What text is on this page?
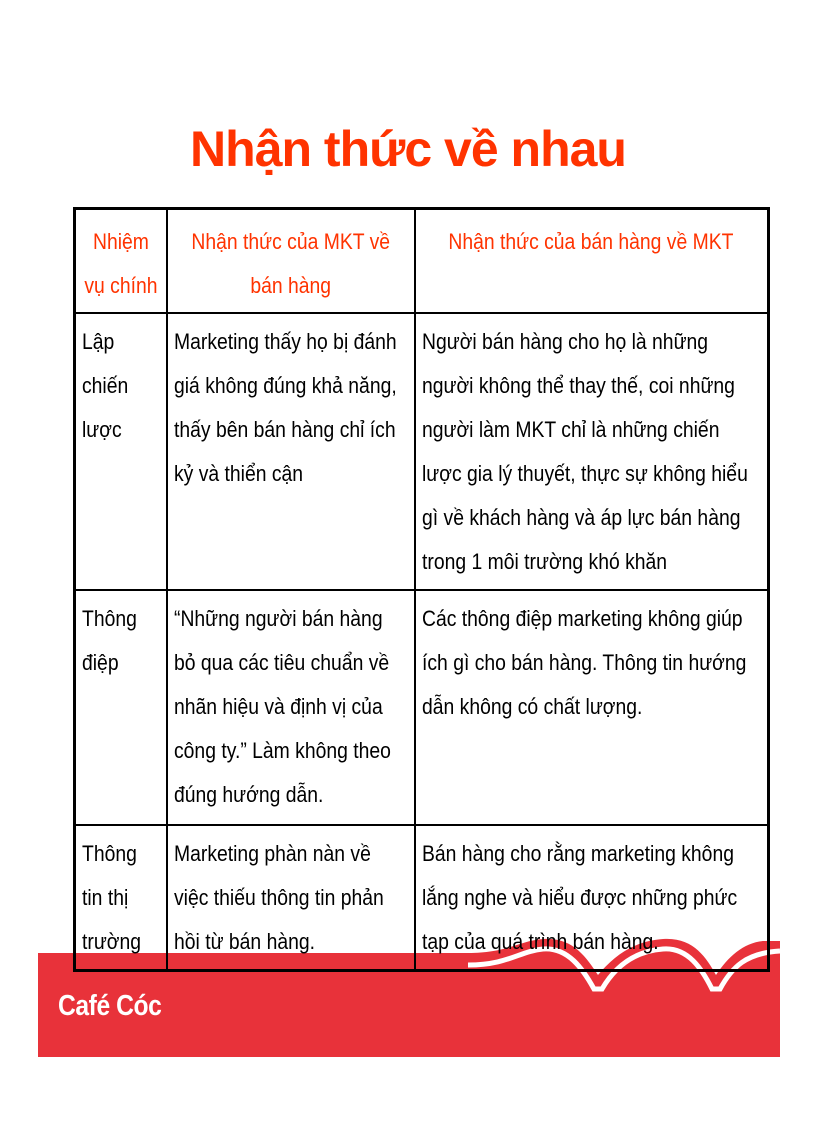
Nhận thức về nhau
Café Cóc
Nhiệm vụ chính	Nhận thức của MKT về bán hàng	Nhận thức của bán hàng về MKT

Lập chiến lược	Marketing thấy họ bị đánh giá không đúng khả năng, thấy bên bán hàng chỉ ích kỷ và thiển cận	Người bán hàng cho họ là những người không thể thay thế, coi những người làm MKT chỉ là những chiến lược gia lý thuyết, thực sự không hiểu gì về khách hàng và áp lực bán hàng trong 1 môi trường khó khăn

Thông điệp	“Những người bán hàng bỏ qua các tiêu chuẩn về nhãn hiệu và định vị của công ty.” Làm không theo đúng hướng dẫn.	Các thông điệp marketing không giúp ích gì cho bán hàng. Thông tin hướng dẫn không có chất lượng.

Thông tin thị trường	Marketing phàn nàn về việc thiếu thông tin phản hồi từ bán hàng.	Bán hàng cho rằng marketing không lắng nghe và hiểu được những phức tạp của quá trình bán hàng.
